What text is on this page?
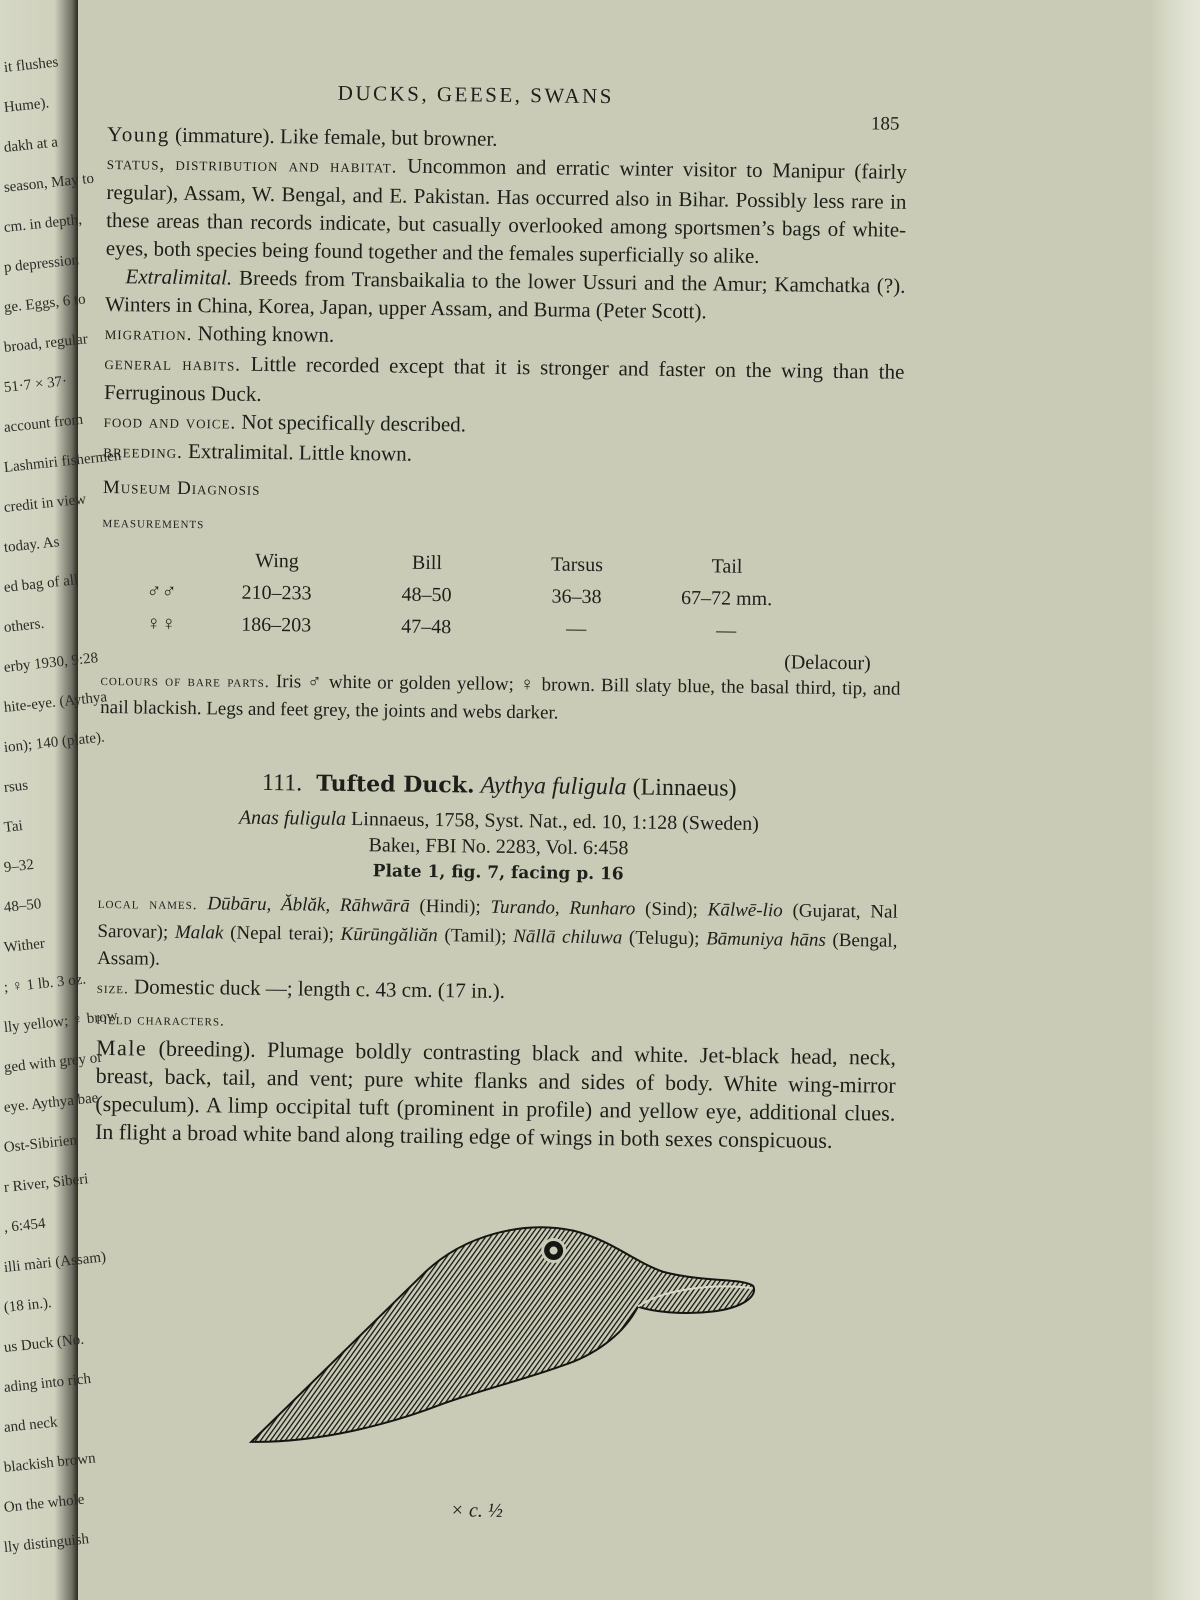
it flushes
Hume).
dakh at a
season, May to
cm. in depth,
p depression
ge. Eggs, 6 to
broad, regular
51·7 × 37·
account from
Lashmiri fishermen
credit in view
today. As
ed bag of all
others.
erby 1930, 9:28
hite-eye. (Aythya
ion); 140 (plate).
rsus
Tai
9–32
48–50
Wither
; ♀ 1 lb. 3 oz.
lly yellow; ♀ brow
ged with grey or
eye. Aythya bae
Ost-Sibirien
r River, Siberi
, 6:454
illi màri (Assam)
(18 in.).
us Duck (No.
ading into rich
and neck
blackish brown
On the whole
lly distinguish
DUCKS, GEESE, SWANS
185

Young (immature). Like female, but browner.

status, distribution and habitat. Uncommon and erratic winter visitor to Manipur (fairly regular), Assam, W. Bengal, and E. Pakistan. Has occurred also in Bihar. Possibly less rare in these areas than records indicate, but casually overlooked among sportsmen’s bags of white-eyes, both species being found together and the females superficially so alike.

Extralimital. Breeds from Transbaikalia to the lower Ussuri and the Amur; Kamchatka (?). Winters in China, Korea, Japan, upper Assam, and Burma (Peter Scott).

migration. Nothing known.

general habits. Little recorded except that it is stronger and faster on the wing than the Ferruginous Duck.

food and voice. Not specifically described.

breeding. Extralimital. Little known.

Museum Diagnosis

measurements

	Wing	Bill	Tarsus	Tail
♂♂	210–233	48–50	36–38	67–72 mm.
♀♀	186–203	47–48	—	—
(Delacour)

colours of bare parts. Iris ♂ white or golden yellow; ♀ brown. Bill slaty blue, the basal third, tip, and nail blackish. Legs and feet grey, the joints and webs darker.

111. Tufted Duck. Aythya fuligula (Linnaeus)
Anas fuligula Linnaeus, 1758, Syst. Nat., ed. 10, 1:128 (Sweden)
Bakeı, FBI No. 2283, Vol. 6:458
Plate 1, fig. 7, facing p. 16

local names. Dūbāru, Ăblăk, Rāhwārā (Hindi); Turando, Runharo (Sind); Kālwē-lio (Gujarat, Nal Sarovar); Malak (Nepal terai); Kūrūngăliăn (Tamil); Nāllā chiluwa (Telugu); Bāmuniya hāns (Bengal, Assam).

size. Domestic duck —; length c. 43 cm. (17 in.).

field characters.

Male (breeding). Plumage boldly contrasting black and white. Jet-black head, neck, breast, back, tail, and vent; pure white flanks and sides of body. White wing-mirror (speculum). A limp occipital tuft (prominent in profile) and yellow eye, additional clues. In flight a broad white band along trailing edge of wings in both sexes conspicuous.

× c. ½
